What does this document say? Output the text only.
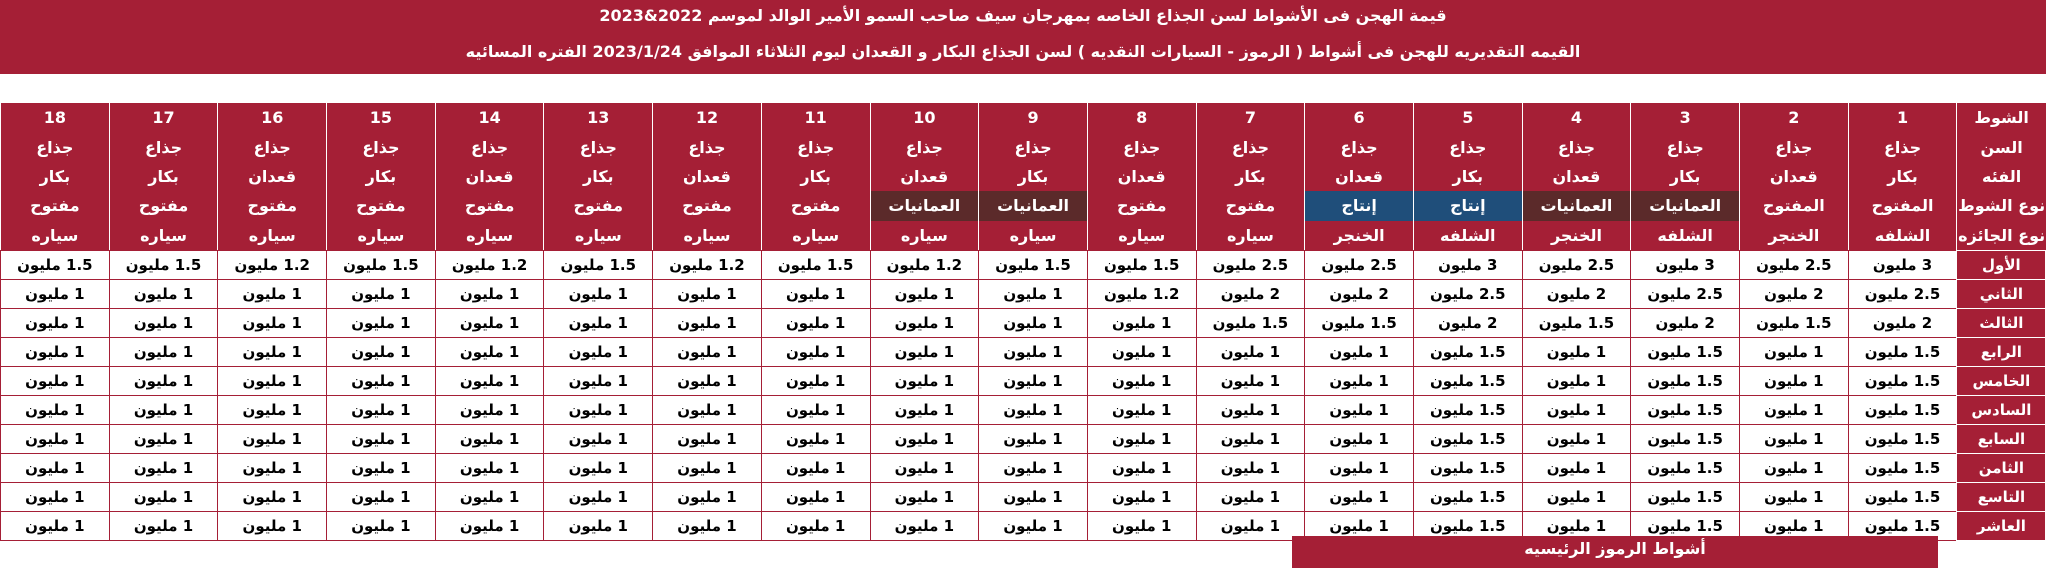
قيمة الهجن فى الأشواط لسن الجذاع الخاصه بمهرجان سيف صاحب السمو الأمير الوالد لموسم 2022&2023
القيمه التقديريه للهجن فى أشواط ( الرموز - السيارات النقديه ) لسن الجذاع البكار و القعدان ليوم الثلاثاء الموافق 2023/1/24 الفتره المسائيه
الشوط	1	2	3	4	5	6	7	8	9	10	11	12	13	14	15	16	17	18
السن	جذاع	جذاع	جذاع	جذاع	جذاع	جذاع	جذاع	جذاع	جذاع	جذاع	جذاع	جذاع	جذاع	جذاع	جذاع	جذاع	جذاع	جذاع
الفئه	بكار	قعدان	بكار	قعدان	بكار	قعدان	بكار	قعدان	بكار	قعدان	بكار	قعدان	بكار	قعدان	بكار	قعدان	بكار	بكار
نوع الشوط	المفتوح	المفتوح	العمانيات	العمانيات	إنتاج	إنتاج	مفتوح	مفتوح	العمانيات	العمانيات	مفتوح	مفتوح	مفتوح	مفتوح	مفتوح	مفتوح	مفتوح	مفتوح
نوع الجائزه	الشلفه	الخنجر	الشلفه	الخنجر	الشلفه	الخنجر	سياره	سياره	سياره	سياره	سياره	سياره	سياره	سياره	سياره	سياره	سياره	سياره
الأول	3 مليون	2.5 مليون	3 مليون	2.5 مليون	3 مليون	2.5 مليون	2.5 مليون	1.5 مليون	1.5 مليون	1.2 مليون	1.5 مليون	1.2 مليون	1.5 مليون	1.2 مليون	1.5 مليون	1.2 مليون	1.5 مليون	1.5 مليون
الثاني	2.5 مليون	2 مليون	2.5 مليون	2 مليون	2.5 مليون	2 مليون	2 مليون	1.2 مليون	1 مليون	1 مليون	1 مليون	1 مليون	1 مليون	1 مليون	1 مليون	1 مليون	1 مليون	1 مليون
الثالث	2 مليون	1.5 مليون	2 مليون	1.5 مليون	2 مليون	1.5 مليون	1.5 مليون	1 مليون	1 مليون	1 مليون	1 مليون	1 مليون	1 مليون	1 مليون	1 مليون	1 مليون	1 مليون	1 مليون
الرابع	1.5 مليون	1 مليون	1.5 مليون	1 مليون	1.5 مليون	1 مليون	1 مليون	1 مليون	1 مليون	1 مليون	1 مليون	1 مليون	1 مليون	1 مليون	1 مليون	1 مليون	1 مليون	1 مليون
الخامس	1.5 مليون	1 مليون	1.5 مليون	1 مليون	1.5 مليون	1 مليون	1 مليون	1 مليون	1 مليون	1 مليون	1 مليون	1 مليون	1 مليون	1 مليون	1 مليون	1 مليون	1 مليون	1 مليون
السادس	1.5 مليون	1 مليون	1.5 مليون	1 مليون	1.5 مليون	1 مليون	1 مليون	1 مليون	1 مليون	1 مليون	1 مليون	1 مليون	1 مليون	1 مليون	1 مليون	1 مليون	1 مليون	1 مليون
السابع	1.5 مليون	1 مليون	1.5 مليون	1 مليون	1.5 مليون	1 مليون	1 مليون	1 مليون	1 مليون	1 مليون	1 مليون	1 مليون	1 مليون	1 مليون	1 مليون	1 مليون	1 مليون	1 مليون
الثامن	1.5 مليون	1 مليون	1.5 مليون	1 مليون	1.5 مليون	1 مليون	1 مليون	1 مليون	1 مليون	1 مليون	1 مليون	1 مليون	1 مليون	1 مليون	1 مليون	1 مليون	1 مليون	1 مليون
التاسع	1.5 مليون	1 مليون	1.5 مليون	1 مليون	1.5 مليون	1 مليون	1 مليون	1 مليون	1 مليون	1 مليون	1 مليون	1 مليون	1 مليون	1 مليون	1 مليون	1 مليون	1 مليون	1 مليون
العاشر	1.5 مليون	1 مليون	1.5 مليون	1 مليون	1.5 مليون	1 مليون	1 مليون	1 مليون	1 مليون	1 مليون	1 مليون	1 مليون	1 مليون	1 مليون	1 مليون	1 مليون	1 مليون	1 مليون
أشواط الرموز الرئيسيه
